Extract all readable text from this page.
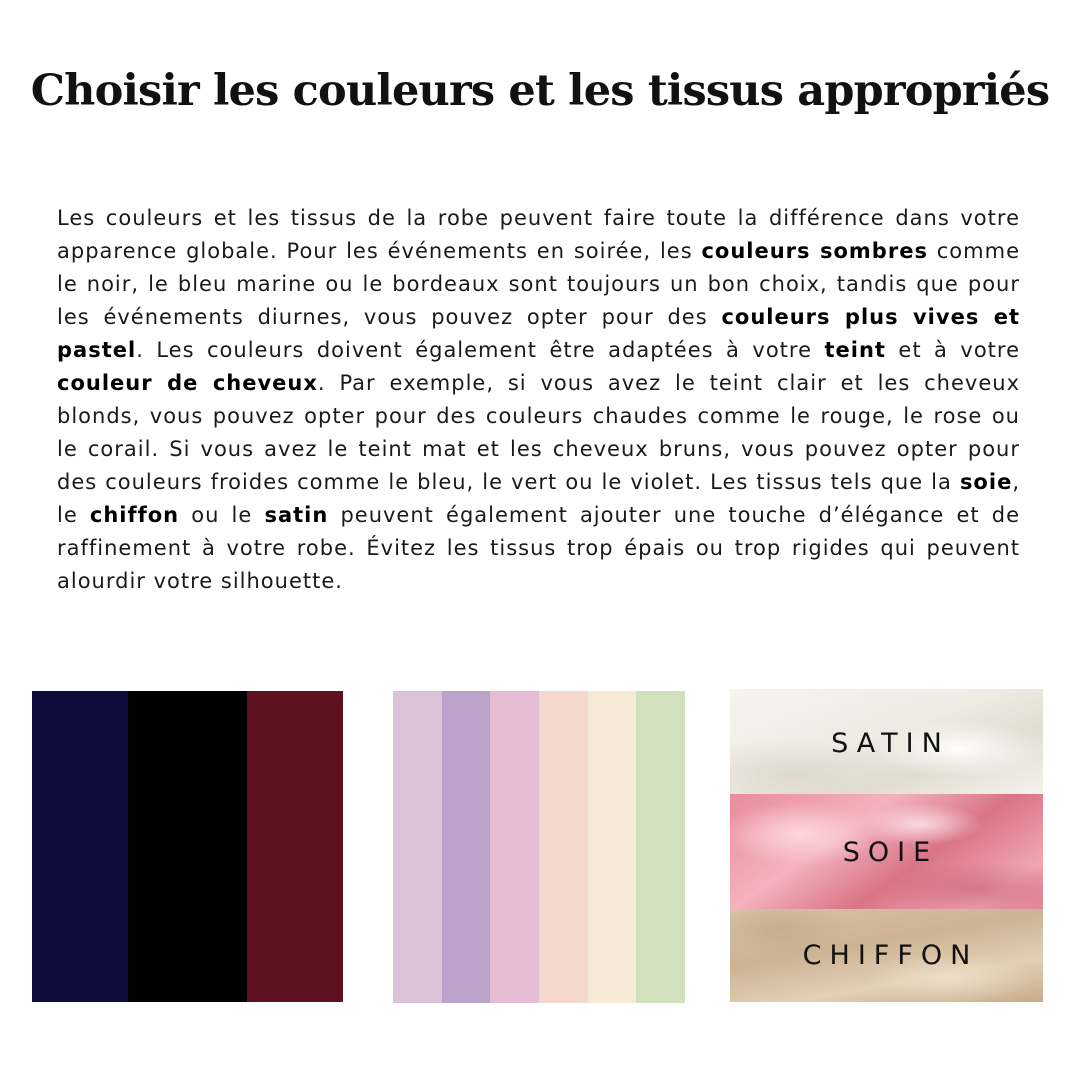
Choisir les couleurs et les tissus appropriés

Les couleurs et les tissus de la robe peuvent faire toute la différence dans votre apparence globale. Pour les événements en soirée, les couleurs sombres comme le noir, le bleu marine ou le bordeaux sont toujours un bon choix, tandis que pour les événements diurnes, vous pouvez opter pour des couleurs plus vives et pastel. Les couleurs doivent également être adaptées à votre teint et à votre couleur de cheveux. Par exemple, si vous avez le teint clair et les cheveux blonds, vous pouvez opter pour des couleurs chaudes comme le rouge, le rose ou le corail. Si vous avez le teint mat et les cheveux bruns, vous pouvez opter pour des couleurs froides comme le bleu, le vert ou le violet. Les tissus tels que la soie, le chiffon ou le satin peuvent également ajouter une touche d’élégance et de raffinement à votre robe. Évitez les tissus trop épais ou trop rigides qui peuvent alourdir votre silhouette.

SATIN
SOIE
CHIFFON
